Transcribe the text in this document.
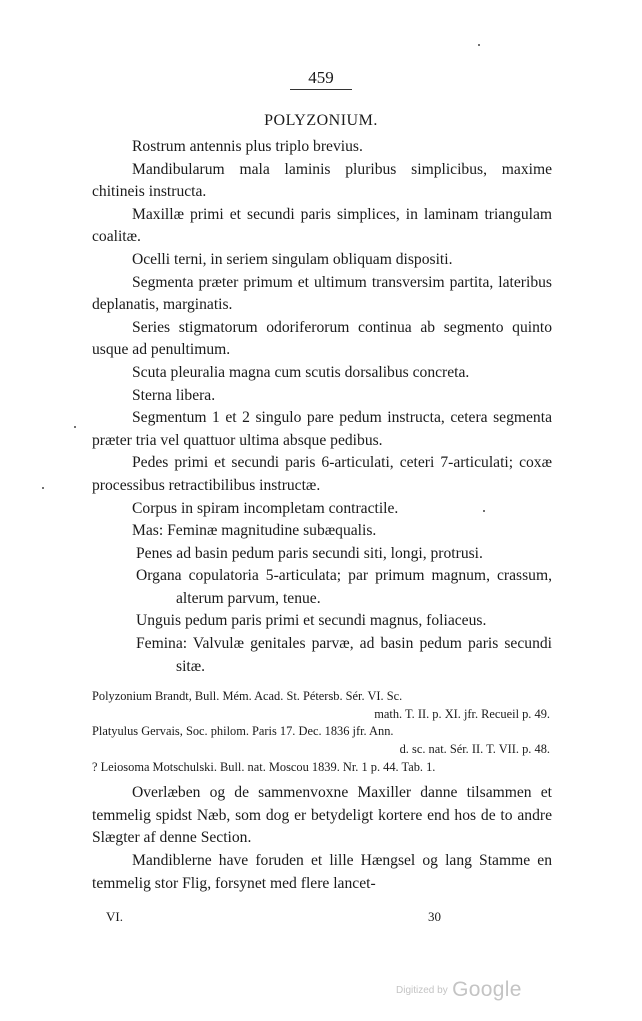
459
POLYZONIUM.

Rostrum antennis plus triplo brevius.

Mandibularum mala laminis pluribus simplicibus, maxime chitineis instructa.

Maxillæ primi et secundi paris simplices, in laminam triangulam coalitæ.

Ocelli terni, in seriem singulam obliquam dispositi.

Segmenta præter primum et ultimum transversim partita, lateribus deplanatis, marginatis.

Series stigmatorum odoriferorum continua ab segmento quinto usque ad penultimum.

Scuta pleuralia magna cum scutis dorsalibus concreta.

Sterna libera.

Segmentum 1 et 2 singulo pare pedum instructa, cetera segmenta præter tria vel quattuor ultima absque pedibus.

Pedes primi et secundi paris 6-articulati, ceteri 7-articulati; coxæ processibus retractibilibus instructæ.

Corpus in spiram incompletam contractile.

Mas: Feminæ magnitudine subæqualis.

Penes ad basin pedum paris secundi siti, longi, protrusi.

Organa copulatoria 5-articulata; par primum magnum, crassum, alterum parvum, tenue.

Unguis pedum paris primi et secundi magnus, foliaceus.

Femina: Valvulæ genitales parvæ, ad basin pedum paris secundi sitæ.

Polyzonium Brandt, Bull. Mém. Acad. St. Pétersb. Sér. VI. Sc.
math. T. II. p. XI. jfr. Recueil p. 49.
Platyulus Gervais, Soc. philom. Paris 17. Dec. 1836 jfr. Ann.
d. sc. nat. Sér. II. T. VII. p. 48.
? Leiosoma Motschulski. Bull. nat. Moscou 1839. Nr. 1 p. 44. Tab. 1.

Overlæben og de sammenvoxne Maxiller danne tilsammen et temmelig spidst Næb, som dog er betydeligt kortere end hos de to andre Slægter af denne Section.

Mandiblerne have foruden et lille Hængsel og lang Stamme en temmelig stor Flig, forsynet med flere lancet-

VI.	30
Digitized by Google
